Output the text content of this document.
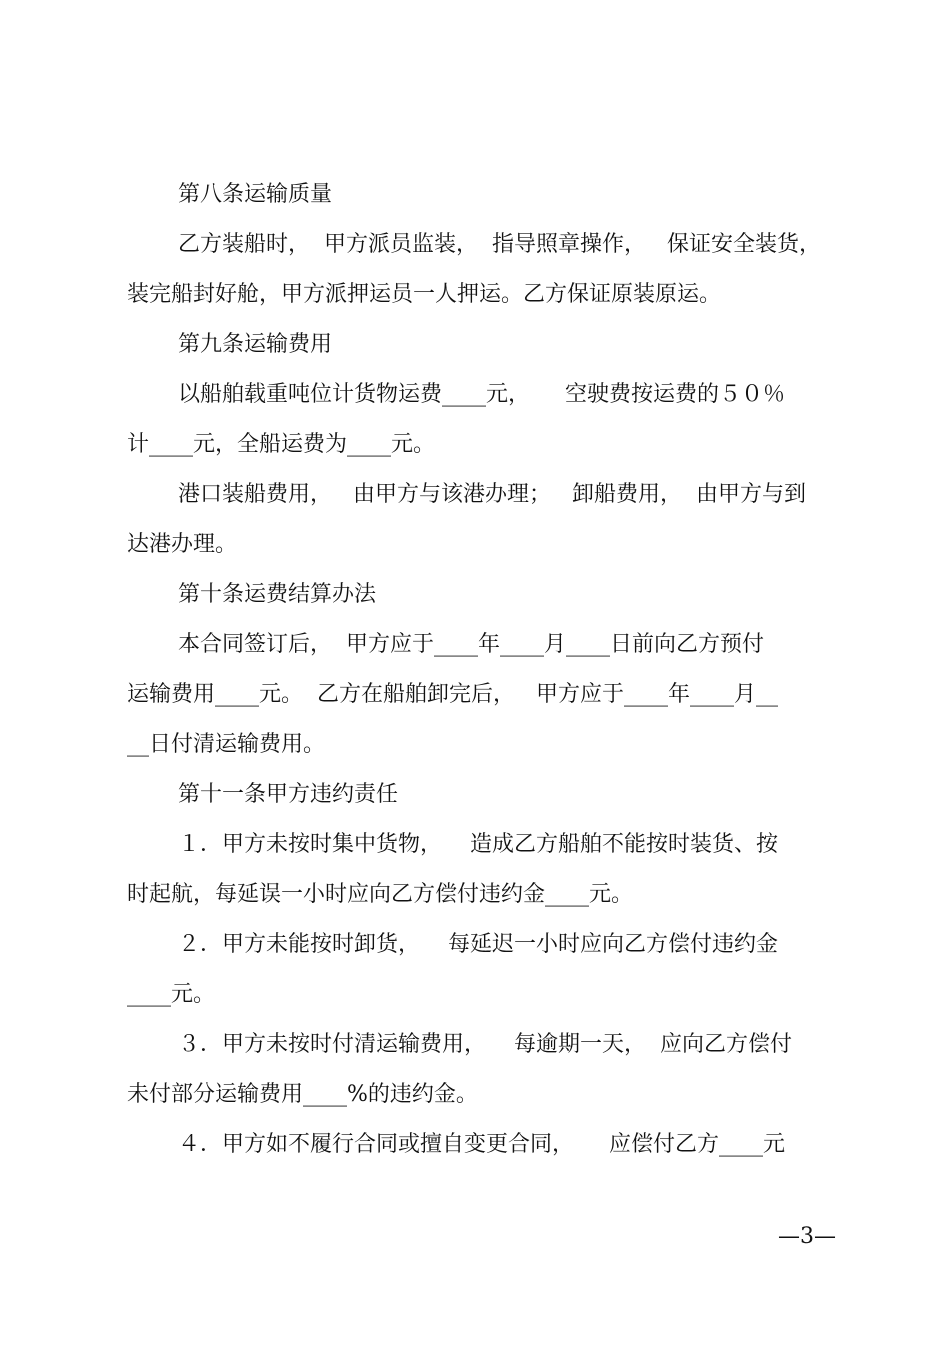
第八条运输质量

乙方装船时，  甲方派员监装，  指导照章操作，   保证安全装货，

装完船封好舱，甲方派押运员一人押运。乙方保证原装原运。

第九条运输费用

以船舶载重吨位计货物运费____元，     空驶费按运费的５０％

计____元，全船运费为____元。

港口装船费用，   由甲方与该港办理；   卸船费用，  由甲方与到

达港办理。

第十条运费结算办法

本合同签订后，  甲方应于____年____月____日前向乙方预付

运输费用____元。  乙方在船舶卸完后，   甲方应于____年____月__

__日付清运输费用。

第十一条甲方违约责任

１．甲方未按时集中货物，    造成乙方船舶不能按时装货、按

时起航，每延误一小时应向乙方偿付违约金____元。

２．甲方未能按时卸货，    每延迟一小时应向乙方偿付违约金

____元。

３．甲方未按时付清运输费用，    每逾期一天，  应向乙方偿付

未付部分运输费用____%的违约金。

４．甲方如不履行合同或擅自变更合同，     应偿付乙方____元

—3—
